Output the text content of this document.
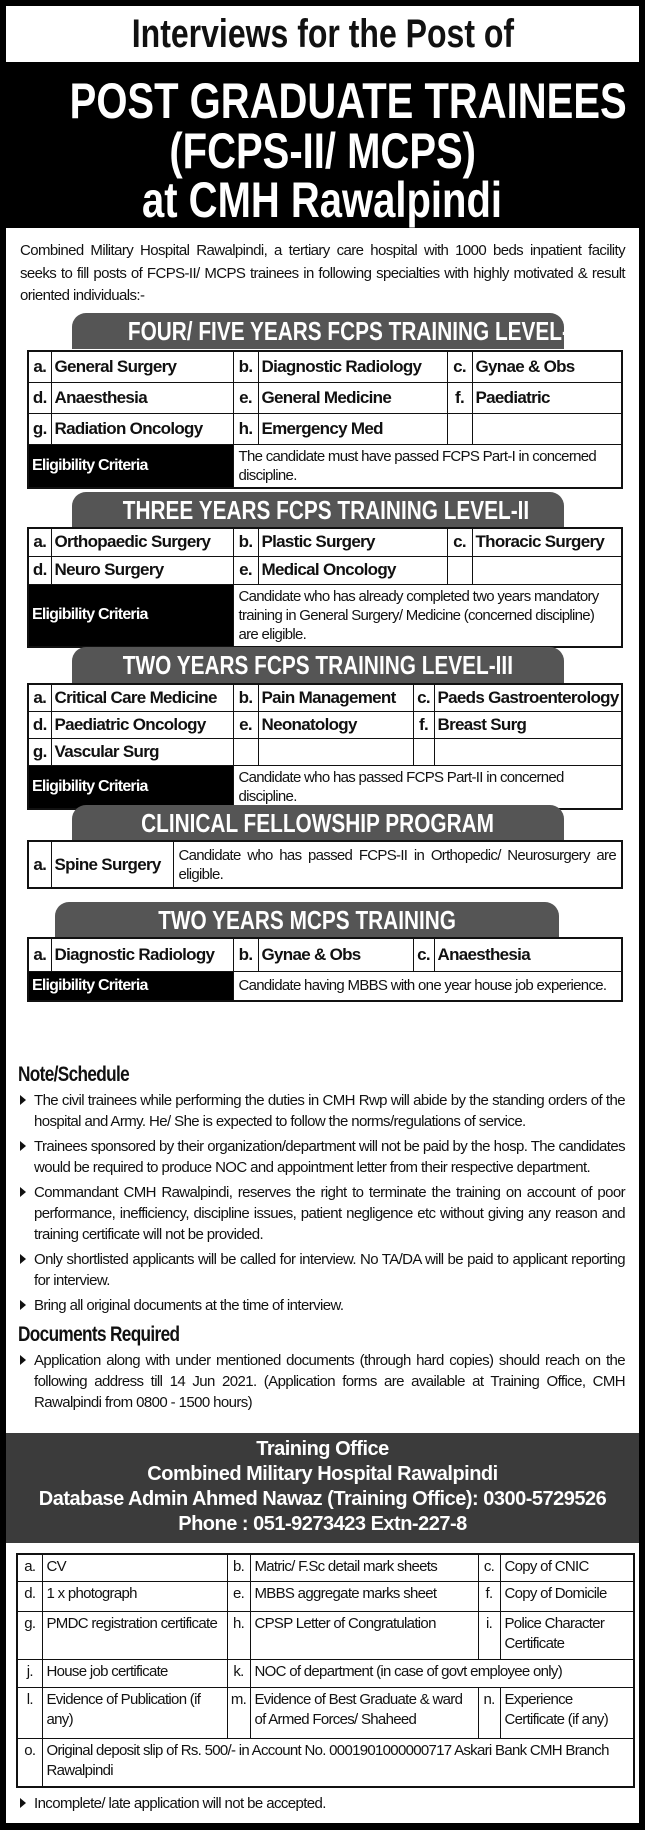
Interviews for the Post of
POST GRADUATE TRAINEES
(FCPS-II/ MCPS)
at CMH Rawalpindi
Combined Military Hospital Rawalpindi, a tertiary care hospital with 1000 beds inpatient facility seeks to fill posts of FCPS-II/ MCPS trainees in following specialties with highly motivated & result oriented individuals:-
FOUR/ FIVE YEARS FCPS TRAINING LEVEL-I
a.	General Surgery	b.	Diagnostic Radiology	c.	Gynae & Obs
d.	Anaesthesia	e.	General Medicine	f.	Paediatric
g.	Radiation Oncology	h.	Emergency Med		
Eligibility Criteria		The candidate must have passed FCPS Part-I in concerned discipline.			
THREE YEARS FCPS TRAINING LEVEL-II
a.	Orthopaedic Surgery	b.	Plastic Surgery	c.	Thoracic Surgery
d.	Neuro Surgery	e.	Medical Oncology		
Eligibility Criteria		Candidate who has already completed two years mandatory training in General Surgery/ Medicine (concerned discipline) are eligible.			
TWO YEARS FCPS TRAINING LEVEL-III
a.	Critical Care Medicine	b.	Pain Management	c.	Paeds Gastroenterology
d.	Paediatric Oncology	e.	Neonatology	f.	Breast Surg
g.	Vascular Surg				
Eligibility Criteria		Candidate who has passed FCPS Part-II in concerned discipline.			
CLINICAL FELLOWSHIP PROGRAM
a.	Spine Surgery	Candidate who has passed FCPS-II in Orthopedic/ Neurosurgery are eligible.
TWO YEARS MCPS TRAINING
a.	Diagnostic Radiology	b.	Gynae & Obs	c.	Anaesthesia
Eligibility Criteria		Candidate having MBBS with one year house job experience.			
Note/Schedule
The civil trainees while performing the duties in CMH Rwp will abide by the standing orders of the hospital and Army. He/ She is expected to follow the norms/regulations of service.
Trainees sponsored by their organization/department will not be paid by the hosp. The candidates would be required to produce NOC and appointment letter from their respective department.
Commandant CMH Rawalpindi, reserves the right to terminate the training on account of poor performance, inefficiency, discipline issues, patient negligence etc without giving any reason and training certificate will not be provided.
Only shortlisted applicants will be called for interview. No TA/DA will be paid to applicant reporting for interview.
Bring all original documents at the time of interview.
Documents Required
Application along with under mentioned documents (through hard copies) should reach on the following address till 14 Jun 2021. (Application forms are available at Training Office, CMH Rawalpindi from 0800 - 1500 hours)
Training Office
Combined Military Hospital Rawalpindi
Database Admin Ahmed Nawaz (Training Office): 0300-5729526
Phone : 051-9273423 Extn-227-8
a.	CV	b.	Matric/ F.Sc detail mark sheets	c.	Copy of CNIC
d.	1 x photograph	e.	MBBS aggregate marks sheet	f.	Copy of Domicile
g.	PMDC registration certificate	h.	CPSP Letter of Congratulation	i.	Police Character Certificate
j.	House job certificate	k.	NOC of department (in case of govt employee only)		
l.	Evidence of Publication (if any)	m.	Evidence of Best Graduate & ward of Armed Forces/ Shaheed	n.	Experience Certificate (if any)
o.	Original deposit slip of Rs. 500/- in Account No. 0001901000000717 Askari Bank CMH Branch Rawalpindi				
Incomplete/ late application will not be accepted.
